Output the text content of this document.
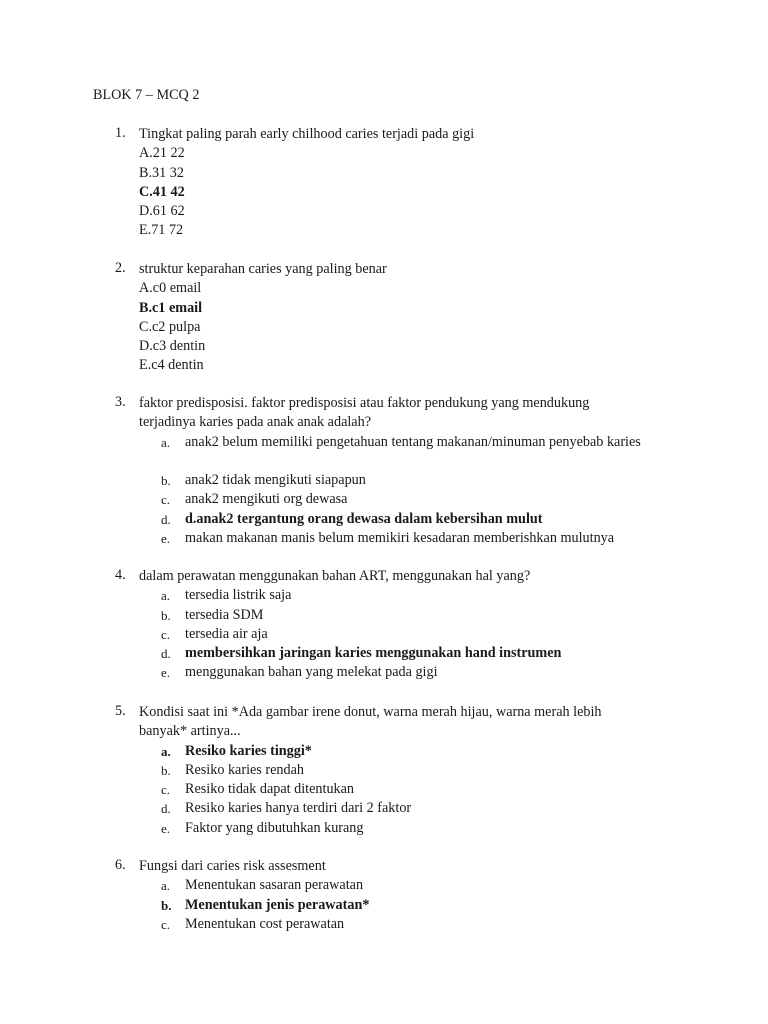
BLOK 7 – MCQ 2
1. Tingkat paling parah early chilhood caries terjadi pada gigi
A.21 22
B.31 32
C.41 42
D.61 62
E.71 72
2. struktur keparahan caries yang paling benar
A.c0 email
B.c1 email
C.c2 pulpa
D.c3 dentin
E.c4 dentin
3. faktor predisposisi. faktor predisposisi atau faktor pendukung yang mendukung terjadinya karies pada anak anak adalah?
a. anak2 belum memiliki pengetahuan tentang makanan/minuman penyebab karies
b. anak2 tidak mengikuti siapapun
c. anak2 mengikuti org dewasa
d. d.anak2 tergantung orang dewasa dalam kebersihan mulut
e. makan makanan manis belum memikiri kesadaran memberishkan mulutnya
4. dalam perawatan menggunakan bahan ART, menggunakan hal yang?
a. tersedia listrik saja
b. tersedia SDM
c. tersedia air aja
d. membersihkan jaringan karies menggunakan hand instrumen
e. menggunakan bahan yang melekat pada gigi
5. Kondisi saat ini *Ada gambar irene donut, warna merah hijau, warna merah lebih banyak* artinya...
a. Resiko karies tinggi*
b. Resiko karies rendah
c. Resiko tidak dapat ditentukan
d. Resiko karies hanya terdiri dari 2 faktor
e. Faktor yang dibutuhkan kurang
6. Fungsi dari caries risk assesment
a. Menentukan sasaran perawatan
b. Menentukan jenis perawatan*
c. Menentukan cost perawatan
